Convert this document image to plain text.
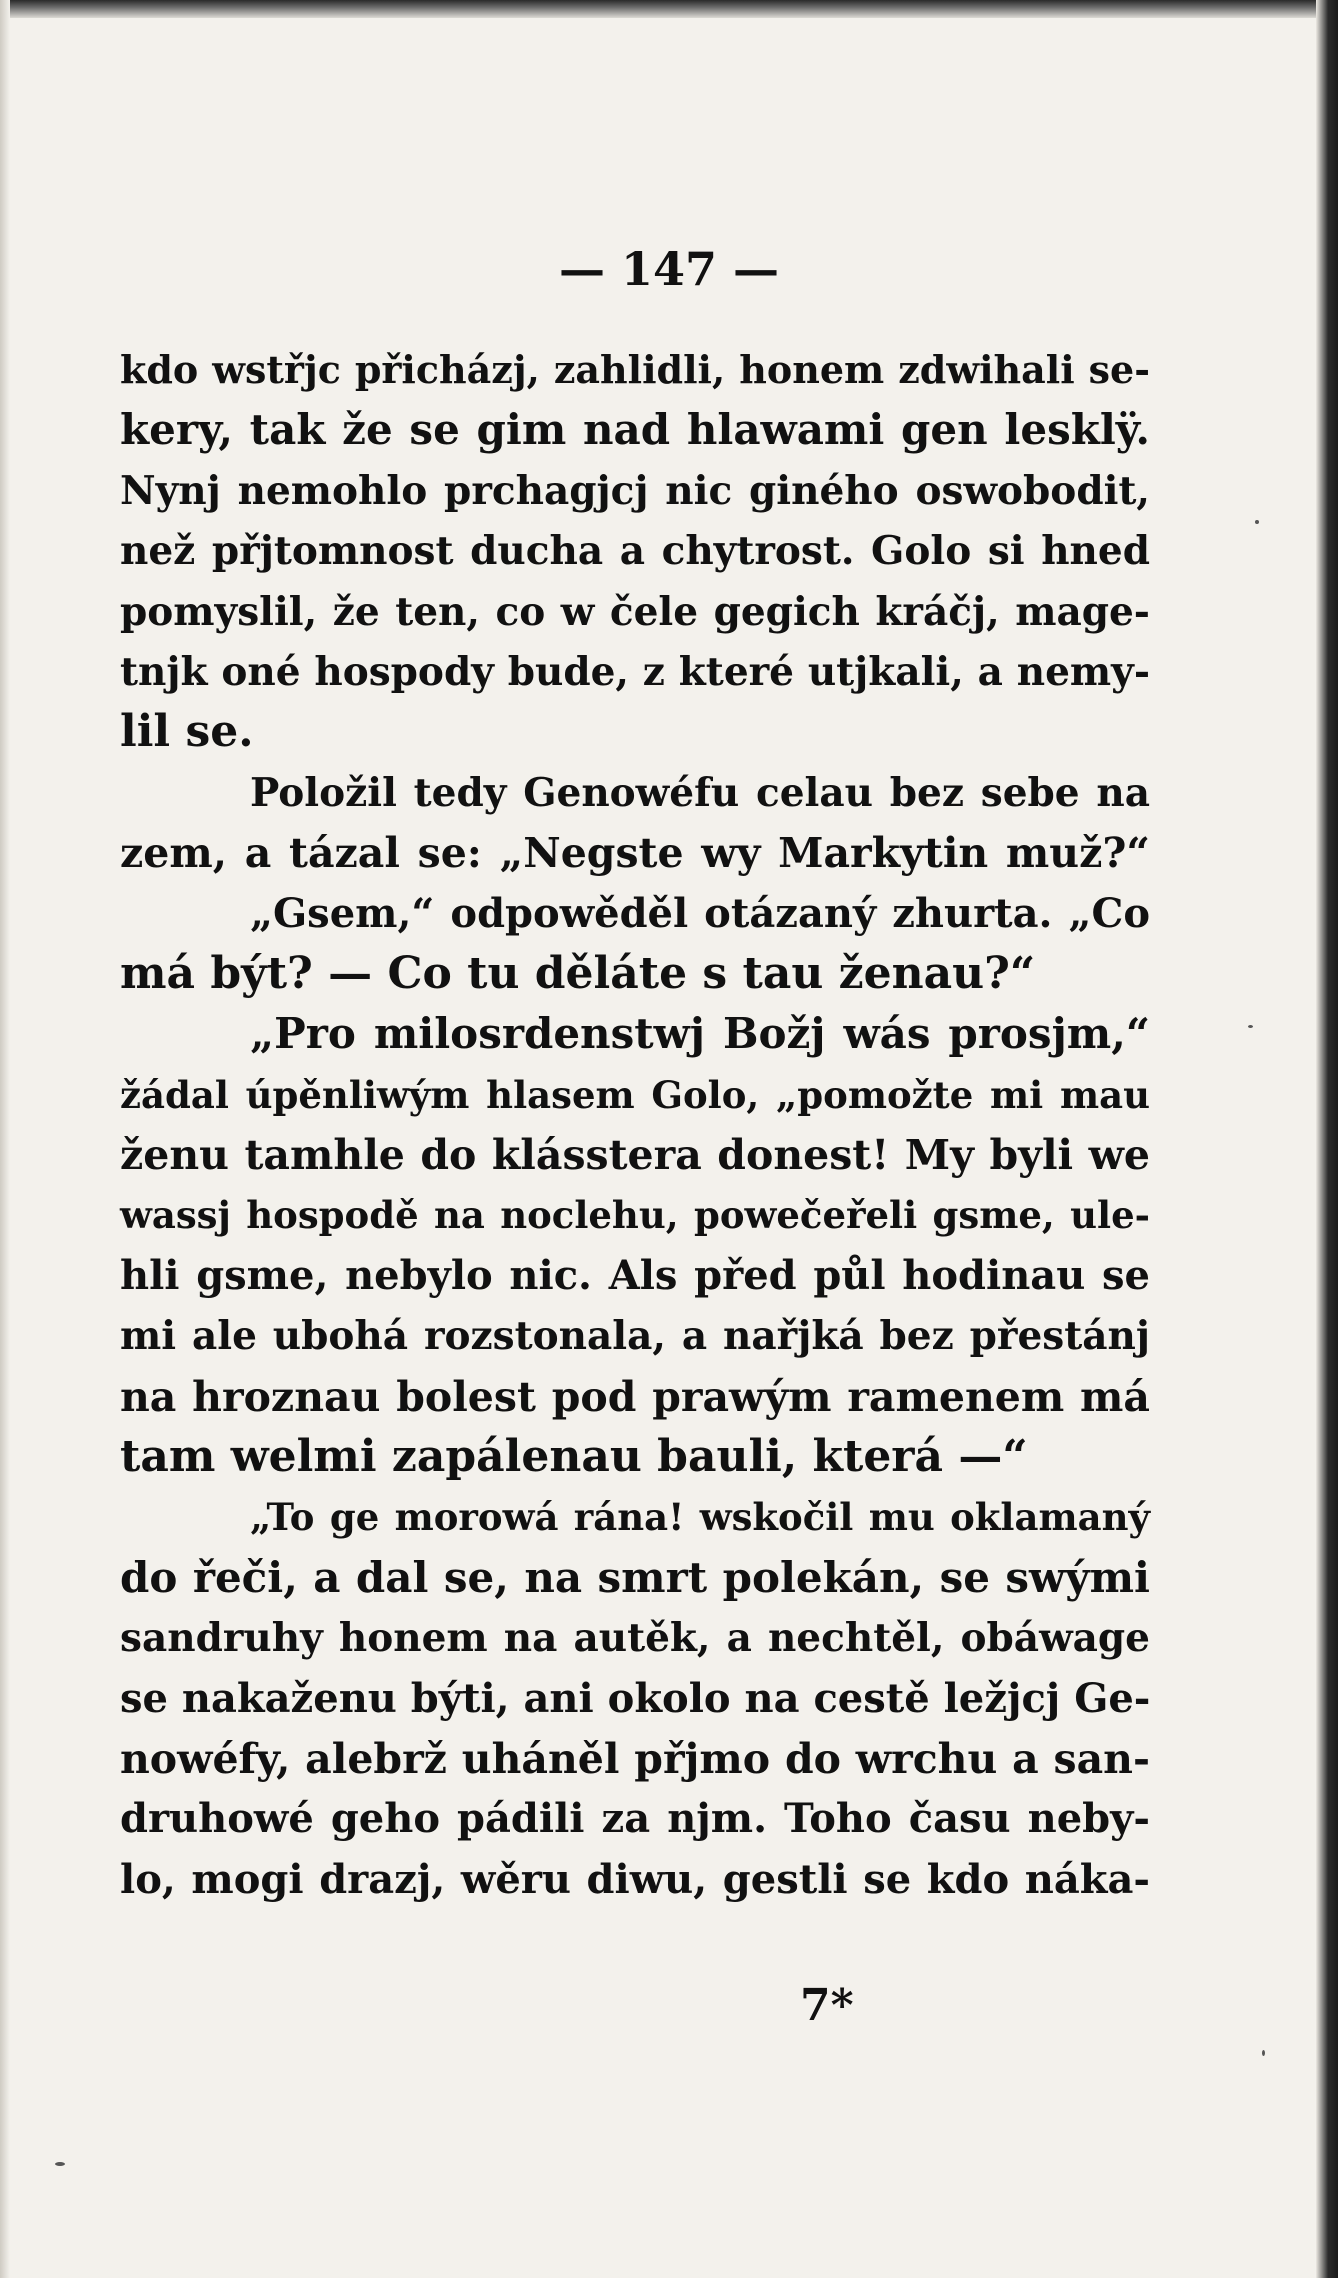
— 147 —
kdo wstřjc přicházj, zahlidli, honem zdwihali se-
kery, tak že se gim nad hlawami gen lesklÿ.
Nynj nemohlo prchagjcj nic giného oswobodit,
než přjtomnost ducha a chytrost. Golo si hned
pomyslil, že ten, co w čele gegich kráčj, mage-
tnjk oné hospody bude, z které utjkali, a nemy-
lil se.
Položil tedy Genowéfu celau bez sebe na
zem, a tázal se: „Negste wy Markytin muž?“
„Gsem,“ odpowěděl otázaný zhurta. „Co
má být? — Co tu děláte s tau ženau?“
„Pro milosrdenstwj Božj wás prosjm,“
žádal úpěnliwým hlasem Golo, „pomožte mi mau
ženu tamhle do klásstera donest! My byli we
wassj hospodě na noclehu, powečeřeli gsme, ule-
hli gsme, nebylo nic. Als před půl hodinau se
mi ale ubohá rozstonala, a nařjká bez přestánj
na hroznau bolest pod prawým ramenem má
tam welmi zapálenau bauli, která —“
„To ge morowá rána! wskočil mu oklamaný
do řeči, a dal se, na smrt polekán, se swými
sandruhy honem na autěk, a nechtěl, obáwage
se nakaženu býti, ani okolo na cestě ležjcj Ge-
nowéfy, alebrž uháněl přjmo do wrchu a san-
druhowé geho pádili za njm. Toho času neby-
lo, mogi drazj, wěru diwu, gestli se kdo náka-
7*
